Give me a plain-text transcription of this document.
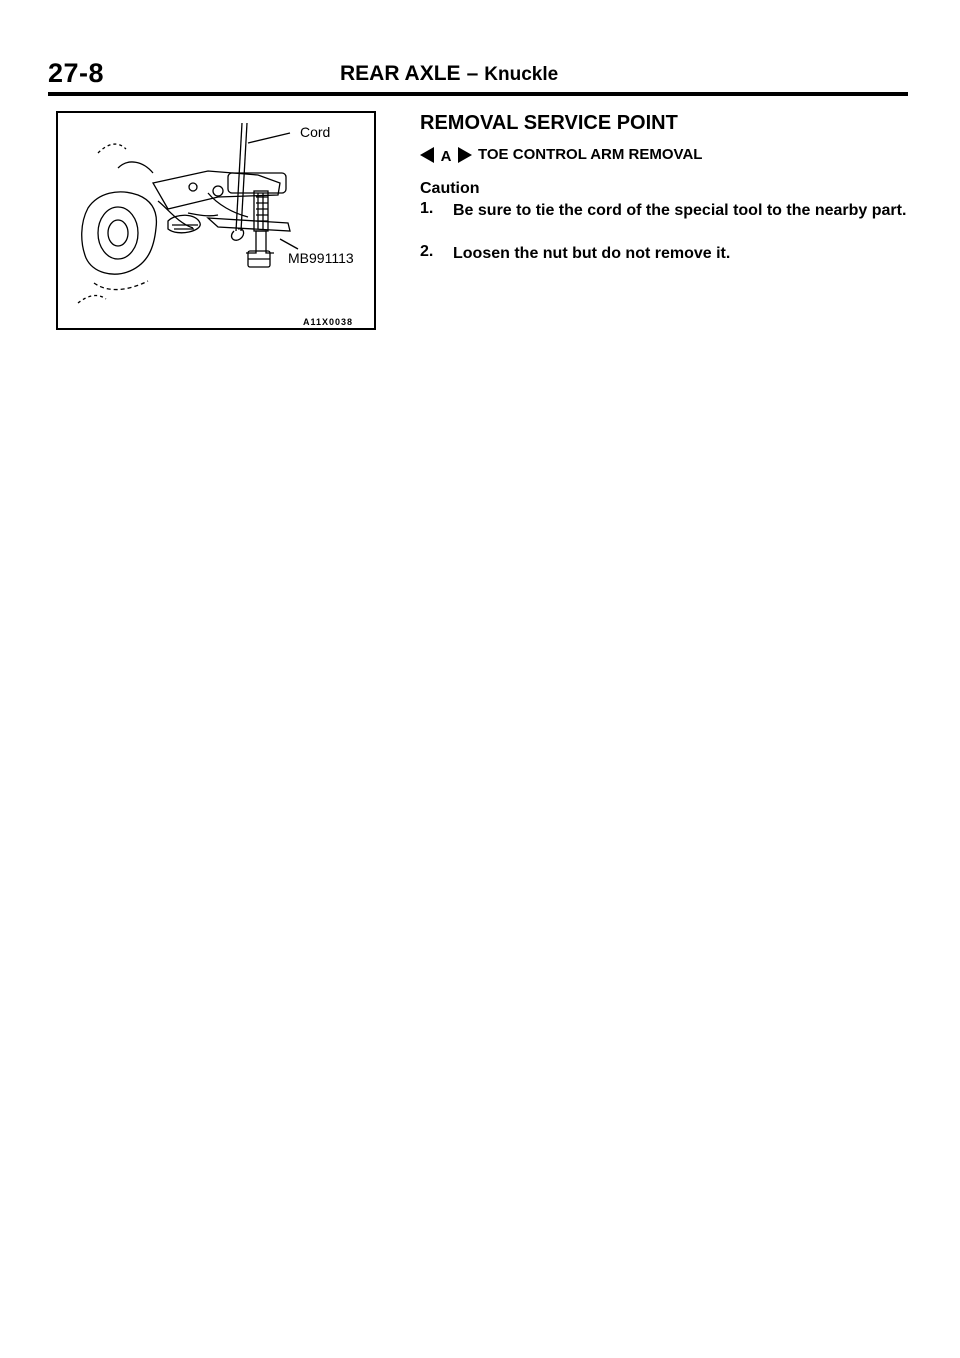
27-8	REAR AXLE – Knuckle
Cord
MB991113
A11X0038
REMOVAL SERVICE POINT
A TOE CONTROL ARM REMOVAL
Caution
1. Be sure to tie the cord of the special tool to the nearby part.
2. Loosen the nut but do not remove it.
